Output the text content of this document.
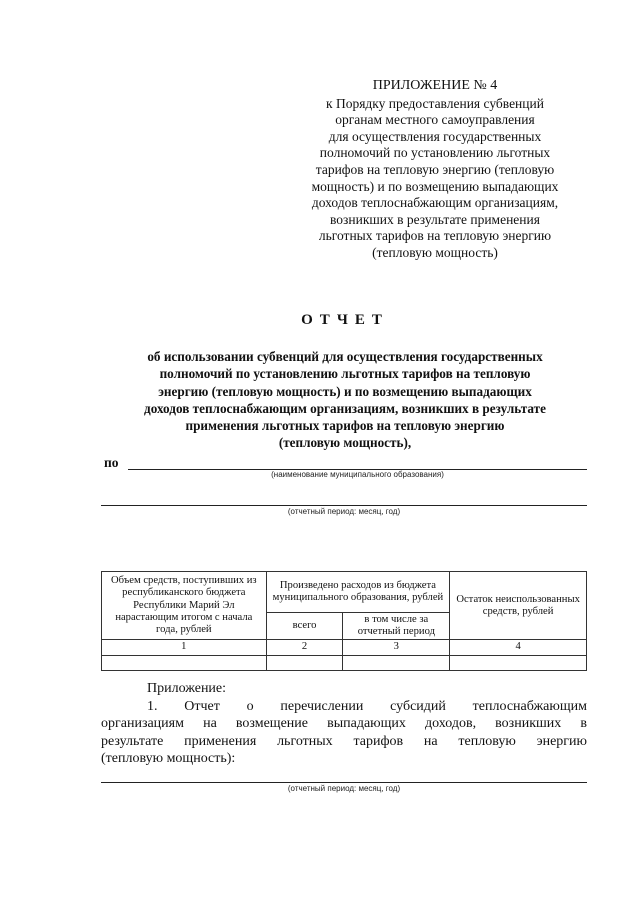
ПРИЛОЖЕНИЕ № 4
к Порядку предоставления субвенций
органам местного самоуправления
для осуществления государственных
полномочий по установлению льготных
тарифов на тепловую энергию (тепловую
мощность) и по возмещению выпадающих
доходов теплоснабжающим организациям,
возникших в результате применения
льготных тарифов на тепловую энергию
(тепловую мощность)
ОТЧЕТ
об использовании субвенций для осуществления государственных
полномочий по установлению льготных тарифов на тепловую
энергию (тепловую мощность) и по возмещению выпадающих
доходов теплоснабжающим организациям, возникших в результате
применения льготных тарифов на тепловую энергию
(тепловую мощность),
по
(наименование муниципального образования)
(отчетный период: месяц, год)
Объем средств, поступивших из республиканского бюджета Республики Марий Эл нарастающим итогом с начала года, рублей	Произведено расходов из бюджета муниципального образования, рублей		Остаток неиспользованных средств, рублей
	всего	в том числе за отчетный период	
1	2	3	4

Приложение:
1. Отчет о перечислении субсидий теплоснабжающим
организациям на возмещение выпадающих доходов, возникших в
результате применения льготных тарифов на тепловую энергию
(тепловую мощность):
(отчетный период: месяц, год)
